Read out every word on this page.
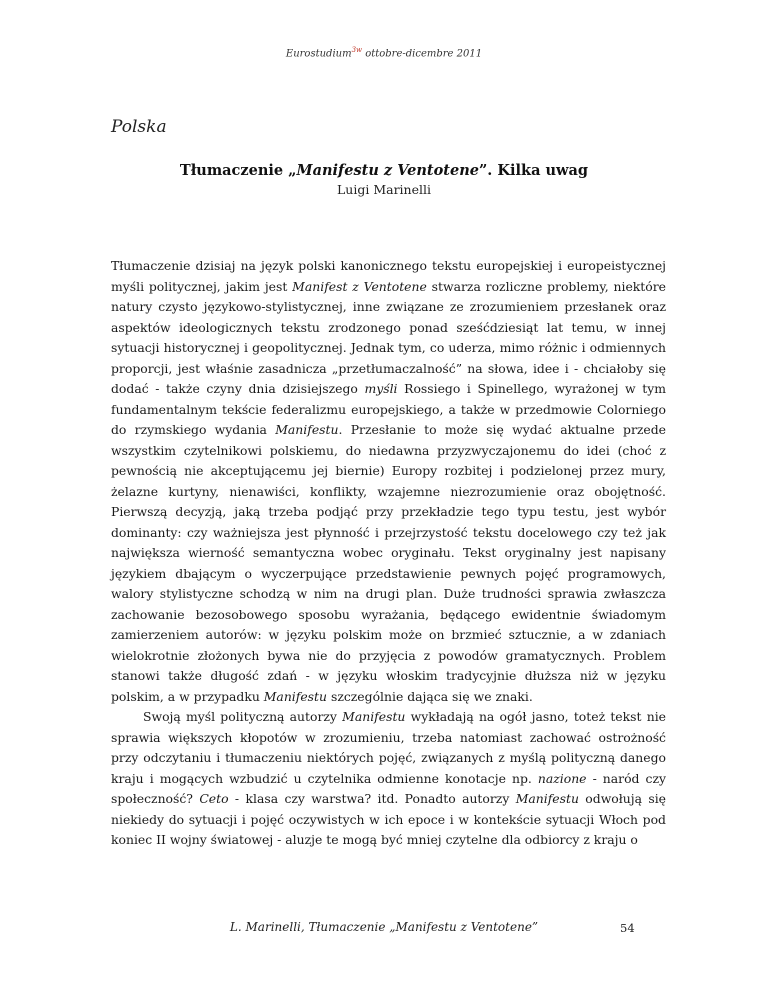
Eurostudium$^{3w}$ ottobre-dicembre 2011
Polska
Tłumaczenie „Manifestu z Ventotene”. Kilka uwag
Luigi Marinelli

Tłumaczenie dzisiaj na język polski kanonicznego tekstu europejskiej i europeistycznej myśli politycznej, jakim jest Manifest z Ventotene stwarza rozliczne problemy, niektóre natury czysto językowo-stylistycznej, inne związane ze zrozumieniem przesłanek oraz aspektów ideologicznych tekstu zrodzonego ponad sześćdziesiąt lat temu, w innej sytuacji historycznej i geopolitycznej. Jednak tym, co uderza, mimo różnic i odmiennych proporcji, jest właśnie zasadnicza „przetłumaczalność” na słowa, idee i - chciałoby się dodać - także czyny dnia dzisiejszego myśli Rossiego i Spinellego, wyrażonej w tym fundamentalnym tekście federalizmu europejskiego, a także w przedmowie Colorniego do rzymskiego wydania Manifestu. Przesłanie to może się wydać aktualne przede wszystkim czytelnikowi polskiemu, do niedawna przyzwyczajonemu do idei (choć z pewnością nie akceptującemu jej biernie) Europy rozbitej i podzielonej przez mury, żelazne kurtyny, nienawiści, konflikty, wzajemne niezrozumienie oraz obojętność. Pierwszą decyzją, jaką trzeba podjąć przy przekładzie tego typu testu, jest wybór dominanty: czy ważniejsza jest płynność i przejrzystość tekstu docelowego czy też jak największa wierność semantyczna wobec oryginału. Tekst oryginalny jest napisany językiem dbającym o wyczerpujące przedstawienie pewnych pojęć programowych, walory stylistyczne schodzą w nim na drugi plan. Duże trudności sprawia zwłaszcza zachowanie bezosobowego sposobu wyrażania, będącego ewidentnie świadomym zamierzeniem autorów: w języku polskim może on brzmieć sztucznie, a w zdaniach wielokrotnie złożonych bywa nie do przyjęcia z powodów gramatycznych. Problem stanowi także długość zdań - w języku włoskim tradycyjnie dłuższa niż w języku polskim, a w przypadku Manifestu szczególnie dająca się we znaki.

Swoją myśl polityczną autorzy Manifestu wykładają na ogół jasno, toteż tekst nie sprawia większych kłopotów w zrozumieniu, trzeba natomiast zachować ostrożność przy odczytaniu i tłumaczeniu niektórych pojęć, związanych z myślą polityczną danego kraju i mogących wzbudzić u czytelnika odmienne konotacje np. nazione - naród czy społeczność? Ceto - klasa czy warstwa? itd. Ponadto autorzy Manifestu odwołują się niekiedy do sytuacji i pojęć oczywistych w ich epoce i w kontekście sytuacji Włoch pod koniec II wojny światowej - aluzje te mogą być mniej czytelne dla odbiorcy z kraju o

L. Marinelli, Tłumaczenie „Manifestu z Ventotene”	54
